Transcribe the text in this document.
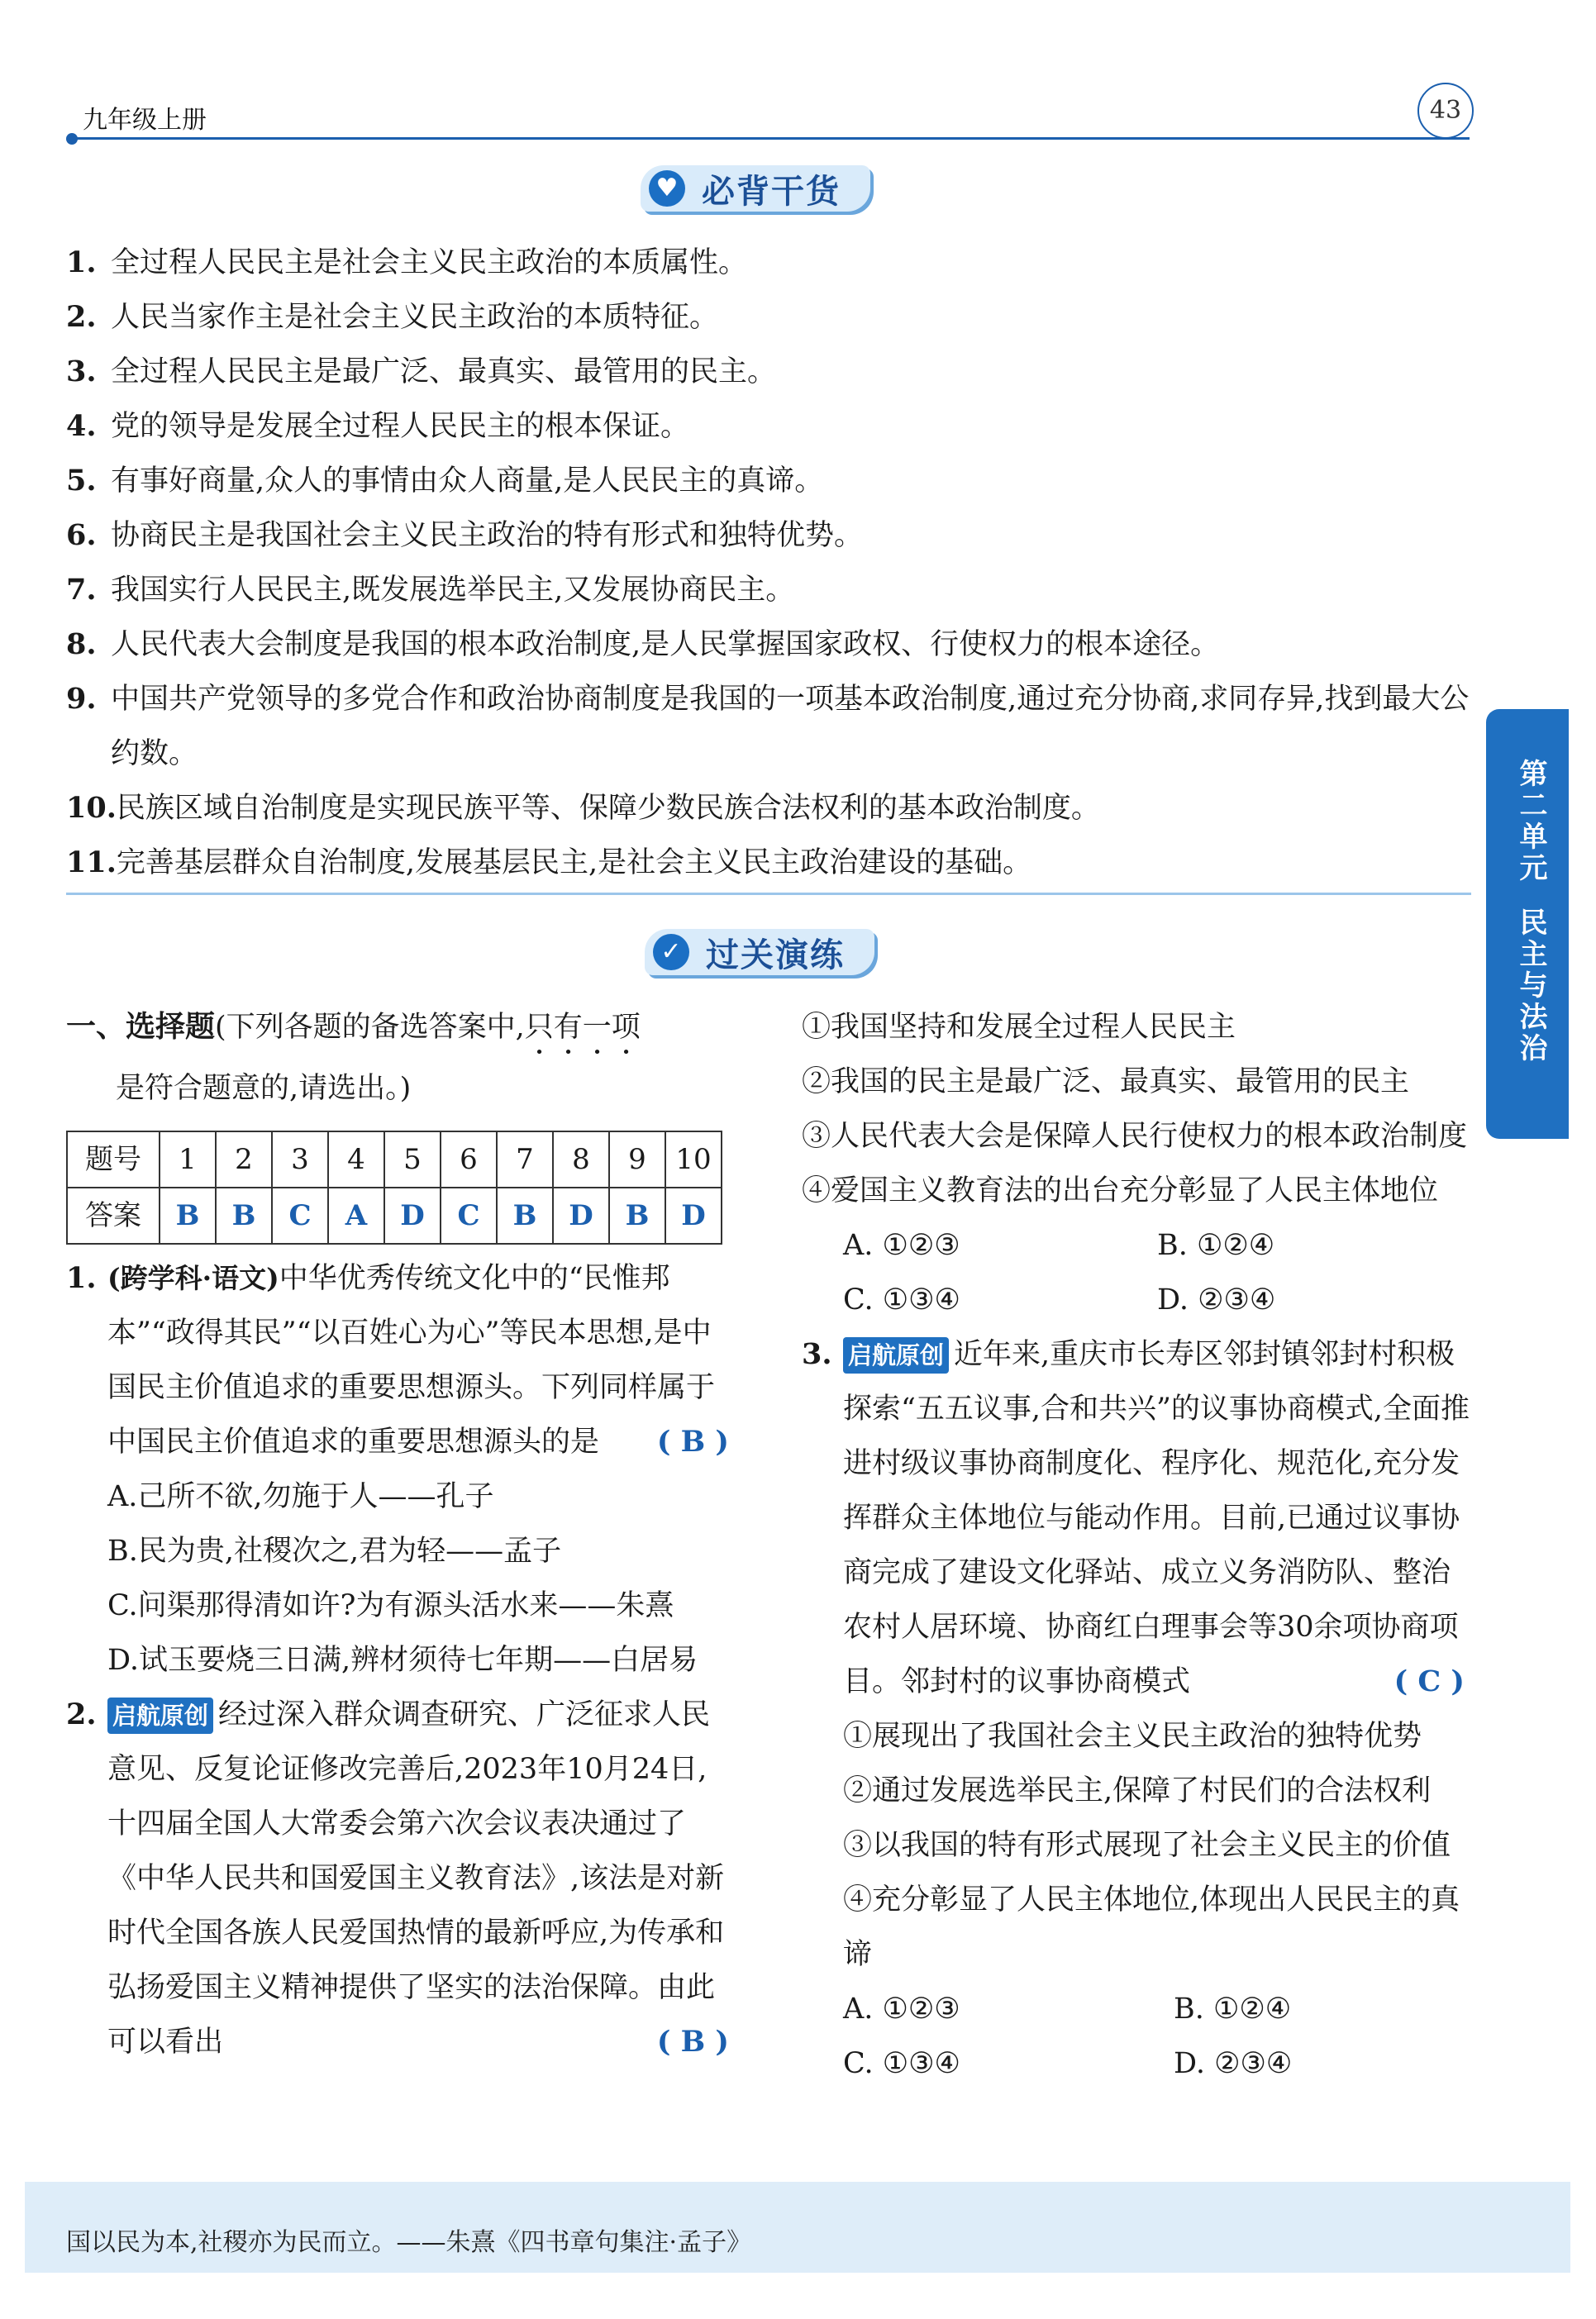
九年级上册	43
♥ 必背干货
1. 全过程人民民主是社会主义民主政治的本质属性。
2. 人民当家作主是社会主义民主政治的本质特征。
3. 全过程人民民主是最广泛、最真实、最管用的民主。
4. 党的领导是发展全过程人民民主的根本保证。
5. 有事好商量,众人的事情由众人商量,是人民民主的真谛。
6. 协商民主是我国社会主义民主政治的特有形式和独特优势。
7. 我国实行人民民主,既发展选举民主,又发展协商民主。
8. 人民代表大会制度是我国的根本政治制度,是人民掌握国家政权、行使权力的根本途径。
9. 中国共产党领导的多党合作和政治协商制度是我国的一项基本政治制度,通过充分协商,求同存异,找到最大公约数。
10. 民族区域自治制度是实现民族平等、保障少数民族合法权利的基本政治制度。
11. 完善基层群众自治制度,发展基层民主,是社会主义民主政治建设的基础。	第二单元
民主与法治
✓ 过关演练
一、选择题(下列各题的备选答案中,只有一项
是符合题意的,请选出。)
题号	1	2	3	4	5	6	7	8	9	10
答案	B	B	C	A	D	C	B	D	B	D
1. (跨学科·语文)中华优秀传统文化中的“民惟邦本”“政得其民”“以百姓心为心”等民本思想,是中国民主价值追求的重要思想源头。下列同样属于中国民主价值追求的重要思想源头的是 ( B )
A.己所不欲,勿施于人——孔子
B.民为贵,社稷次之,君为轻——孟子
C.问渠那得清如许?为有源头活水来——朱熹
D.试玉要烧三日满,辨材须待七年期——白居易
2. 启航原创 经过深入群众调查研究、广泛征求人民意见、反复论证修改完善后,2023年10月24日,十四届全国人大常委会第六次会议表决通过了《中华人民共和国爱国主义教育法》,该法是对新时代全国各族人民爱国热情的最新呼应,为传承和弘扬爱国主义精神提供了坚实的法治保障。由此可以看出	( B )
①我国坚持和发展全过程人民民主
②我国的民主是最广泛、最真实、最管用的民主
③人民代表大会是保障人民行使权力的根本政治制度
④爱国主义教育法的出台充分彰显了人民主体地位
A. ①②③	B. ①②④
C. ①③④	D. ②③④
3. 启航原创 近年来,重庆市长寿区邻封镇邻封村积极探索“五五议事,合和共兴”的议事协商模式,全面推进村级议事协商制度化、程序化、规范化,充分发挥群众主体地位与能动作用。目前,已通过议事协商完成了建设文化驿站、成立义务消防队、整治农村人居环境、协商红白理事会等30余项协商项目。邻封村的议事协商模式	( C )
①展现出了我国社会主义民主政治的独特优势
②通过发展选举民主,保障了村民们的合法权利
③以我国的特有形式展现了社会主义民主的价值
④充分彰显了人民主体地位,体现出人民民主的真谛
A. ①②③	B. ①②④
C. ①③④	D. ②③④
国以民为本,社稷亦为民而立。——朱熹《四书章句集注·孟子》
